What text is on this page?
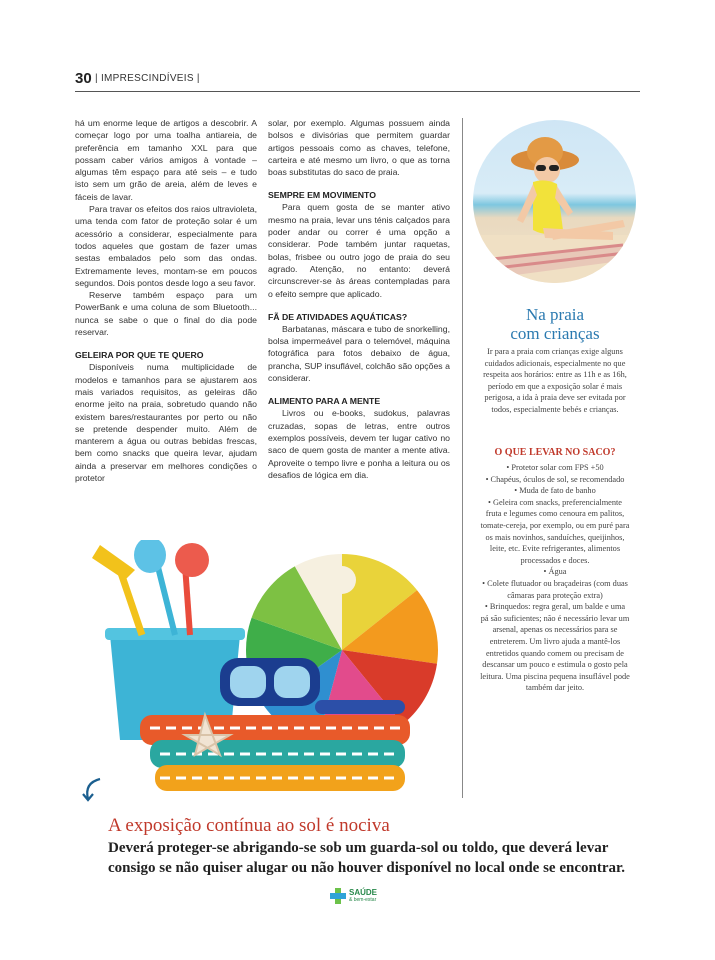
30 | IMPRESCINDÍVEIS |

há um enorme leque de artigos a descobrir. A começar logo por uma toalha antiareia, de preferência em tamanho XXL para que possam caber vários amigos à vontade – algumas têm espaço para até seis – e tudo isto sem um grão de areia, além de leves e fáceis de lavar.

Para travar os efeitos dos raios ultravioleta, uma tenda com fator de proteção solar é um acessório a considerar, especialmente para todos aqueles que gostam de fazer umas sestas embalados pelo som das ondas. Extremamente leves, montam-se em poucos segundos. Dois pontos desde logo a seu favor.

Reserve também espaço para um PowerBank e uma coluna de som Bluetooth... nunca se sabe o que o final do dia pode reservar.

GELEIRA POR QUE TE QUERO

Disponíveis numa multiplicidade de modelos e tamanhos para se ajustarem aos mais variados requisitos, as geleiras dão enorme jeito na praia, sobretudo quando não existem bares/restaurantes por perto ou não se pretende despender muito. Além de manterem a água ou outras bebidas frescas, bem como snacks que queira levar, ajudam ainda a preservar em melhores condições o protetor

solar, por exemplo. Algumas possuem ainda bolsos e divisórias que permitem guardar artigos pessoais como as chaves, telefone, carteira e até mesmo um livro, o que as torna boas substitutas do saco de praia.

SEMPRE EM MOVIMENTO

Para quem gosta de se manter ativo mesmo na praia, levar uns ténis calçados para poder andar ou correr é uma opção a considerar. Pode também juntar raquetas, bolas, frisbee ou outro jogo de praia do seu agrado. Atenção, no entanto: deverá circunscrever-se às áreas contempladas para o efeito sempre que aplicado.

FÃ DE ATIVIDADES AQUÁTICAS?

Barbatanas, máscara e tubo de snorkelling, bolsa impermeável para o telemóvel, máquina fotográfica para fotos debaixo de água, prancha, SUP insuflável, colchão são opções a considerar.

ALIMENTO PARA A MENTE

Livros ou e-books, sudokus, palavras cruzadas, sopas de letras, entre outros exemplos possíveis, devem ter lugar cativo no saco de quem gosta de manter a mente ativa. Aproveite o tempo livre e ponha a leitura ou os desafios de lógica em dia.

Na praia
com crianças

Ir para a praia com crianças exige alguns cuidados adicionais, especialmente no que respeita aos horários: entre as 11h e as 16h, período em que a exposição solar é mais perigosa, a ida à praia deve ser evitada por todos, especialmente bebés e crianças.

O QUE LEVAR NO SACO?
• Protetor solar com FPS +50
• Chapéus, óculos de sol, se recomendado
• Muda de fato de banho
• Geleira com snacks, preferencialmente fruta e legumes como cenoura em palitos, tomate-cereja, por exemplo, ou em puré para os mais novinhos, sanduíches, queijinhos, leite, etc. Evite refrigerantes, alimentos processados e doces.
• Água
• Colete flutuador ou braçadeiras (com duas câmaras para proteção extra)
• Brinquedos: regra geral, um balde e uma pá são suficientes; não é necessário levar um arsenal, apenas os necessários para se entreterem. Um livro ajuda a mantê-los entretidos quando comem ou precisam de descansar um pouco e estimula o gosto pela leitura. Uma piscina pequena insuflável pode também dar jeito.
A exposição contínua ao sol é nociva

Deverá proteger-se abrigando-se sob um guarda-sol ou toldo, que deverá levar consigo se não quiser alugar ou não houver disponível no local onde se encontrar.

SAÚDE
& bem-estar
